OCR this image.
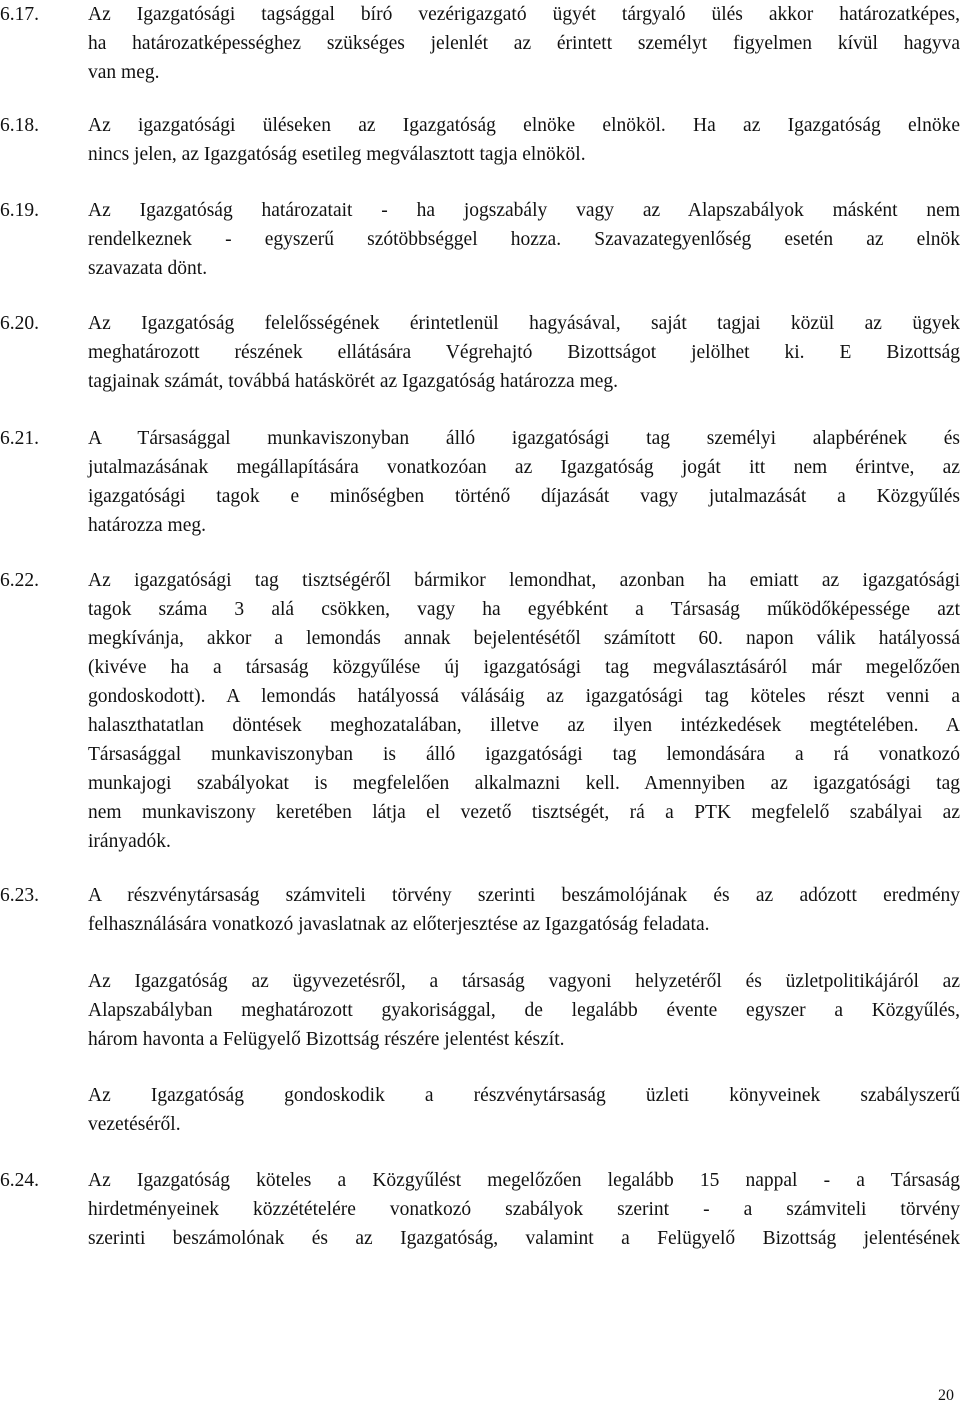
6.17.	Az Igazgatósági tagsággal bíró vezérigazgató ügyét tárgyaló ülés akkor határozatképes,
ha határozatképességhez szükséges jelenlét az érintett személyt figyelmen kívül hagyva
van meg.
6.18.	Az igazgatósági üléseken az Igazgatóság elnöke elnököl. Ha az Igazgatóság elnöke
nincs jelen, az Igazgatóság esetileg megválasztott tagja elnököl.
6.19.	Az Igazgatóság határozatait - ha jogszabály vagy az Alapszabályok másként nem
rendelkeznek - egyszerű szótöbbséggel hozza. Szavazategyenlőség esetén az elnök
szavazata dönt.
6.20.	Az Igazgatóság felelősségének érintetlenül hagyásával, saját tagjai közül az ügyek
meghatározott részének ellátására Végrehajtó Bizottságot jelölhet ki. E Bizottság
tagjainak számát, továbbá hatáskörét az Igazgatóság határozza meg.
6.21.	A Társasággal munkaviszonyban álló igazgatósági tag személyi alapbérének és
jutalmazásának megállapítására vonatkozóan az Igazgatóság jogát itt nem érintve, az
igazgatósági tagok e minőségben történő díjazását vagy jutalmazását a Közgyűlés
határozza meg.
6.22.	Az igazgatósági tag tisztségéről bármikor lemondhat, azonban ha emiatt az igazgatósági
tagok száma 3 alá csökken, vagy ha egyébként a Társaság működőképessége azt
megkívánja, akkor a lemondás annak bejelentésétől számított 60. napon válik hatályossá
(kivéve ha a társaság közgyűlése új igazgatósági tag megválasztásáról már megelőzően
gondoskodott). A lemondás hatályossá válásáig az igazgatósági tag köteles részt venni a
halaszthatatlan döntések meghozatalában, illetve az ilyen intézkedések megtételében. A
Társasággal munkaviszonyban is álló igazgatósági tag lemondására a rá vonatkozó
munkajogi szabályokat is megfelelően alkalmazni kell. Amennyiben az igazgatósági tag
nem munkaviszony keretében látja el vezető tisztségét, rá a PTK megfelelő szabályai az
irányadók.
6.23.	A részvénytársaság számviteli törvény szerinti beszámolójának és az adózott eredmény
felhasználására vonatkozó javaslatnak az előterjesztése az Igazgatóság feladata.
Az Igazgatóság az ügyvezetésről, a társaság vagyoni helyzetéről és üzletpolitikájáról az
Alapszabályban meghatározott gyakorisággal, de legalább évente egyszer a Közgyűlés,
három havonta a Felügyelő Bizottság részére jelentést készít.
Az Igazgatóság gondoskodik a részvénytársaság üzleti könyveinek szabályszerű
vezetéséről.
6.24.	Az Igazgatóság köteles a Közgyűlést megelőzően legalább 15 nappal - a Társaság
hirdetményeinek közzétételére vonatkozó szabályok szerint - a számviteli törvény
szerinti beszámolónak és az Igazgatóság, valamint a Felügyelő Bizottság jelentésének
20
